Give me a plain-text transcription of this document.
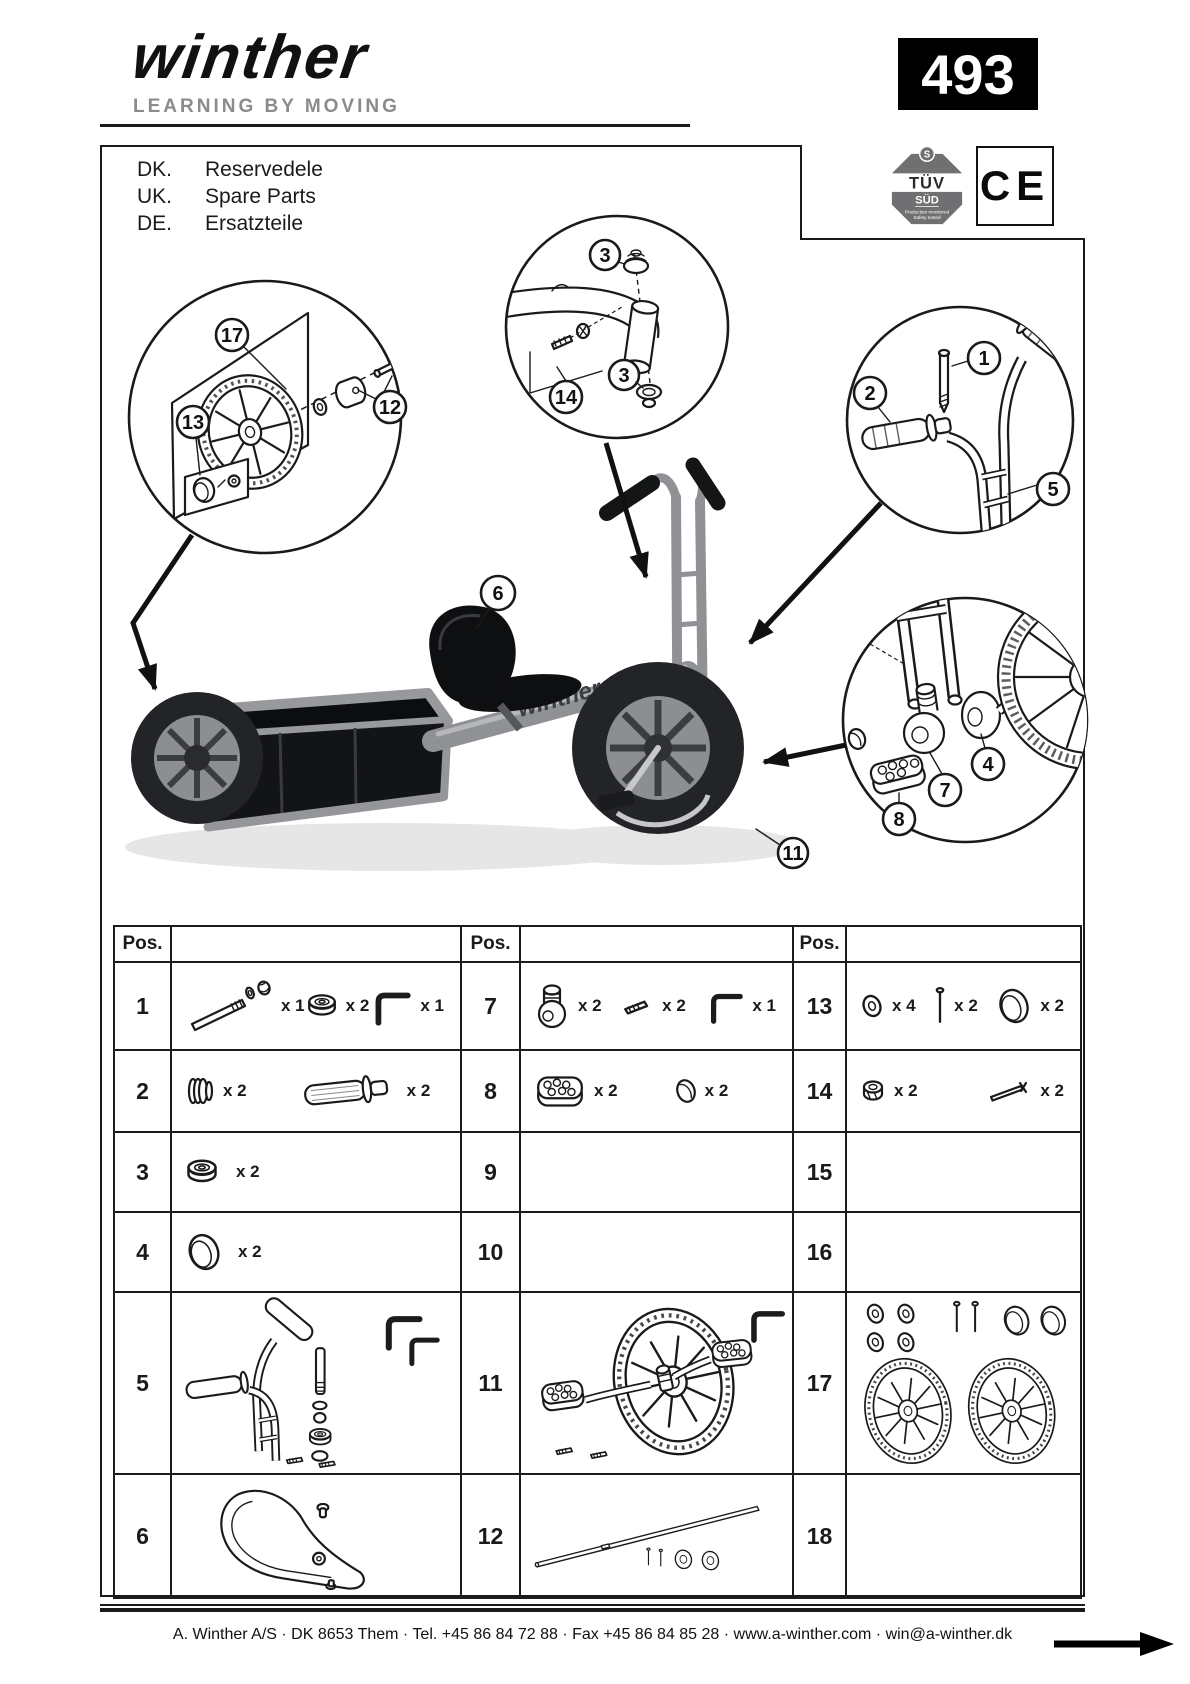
winther
LEARNING BY MOVING
493
S
TÜV
SÜD
Production monitored
Safety tested
CE
DK.	Reservedele
UK.	Spare Parts
DE.	Ersatzteile
17
13
12
3
3
14
1
2
5
4
7
8
6
11
Pos.		Pos.		Pos.	
1	x 1 x 2 x 1	7	x 2 x 2 x 1	13	x 4 x 2 x 2

2	x 2 x 2	8	x 2 x 2	14	x 2 x 2

3	x 2	9		15	
4	x 2	10		16	
5		11		17	

6		12		18	
A. Winther A/S · DK 8653 Them · Tel. +45 86 84 72 88 · Fax +45 86 84 85 28 · www.a-winther.com · win@a-winther.dk
